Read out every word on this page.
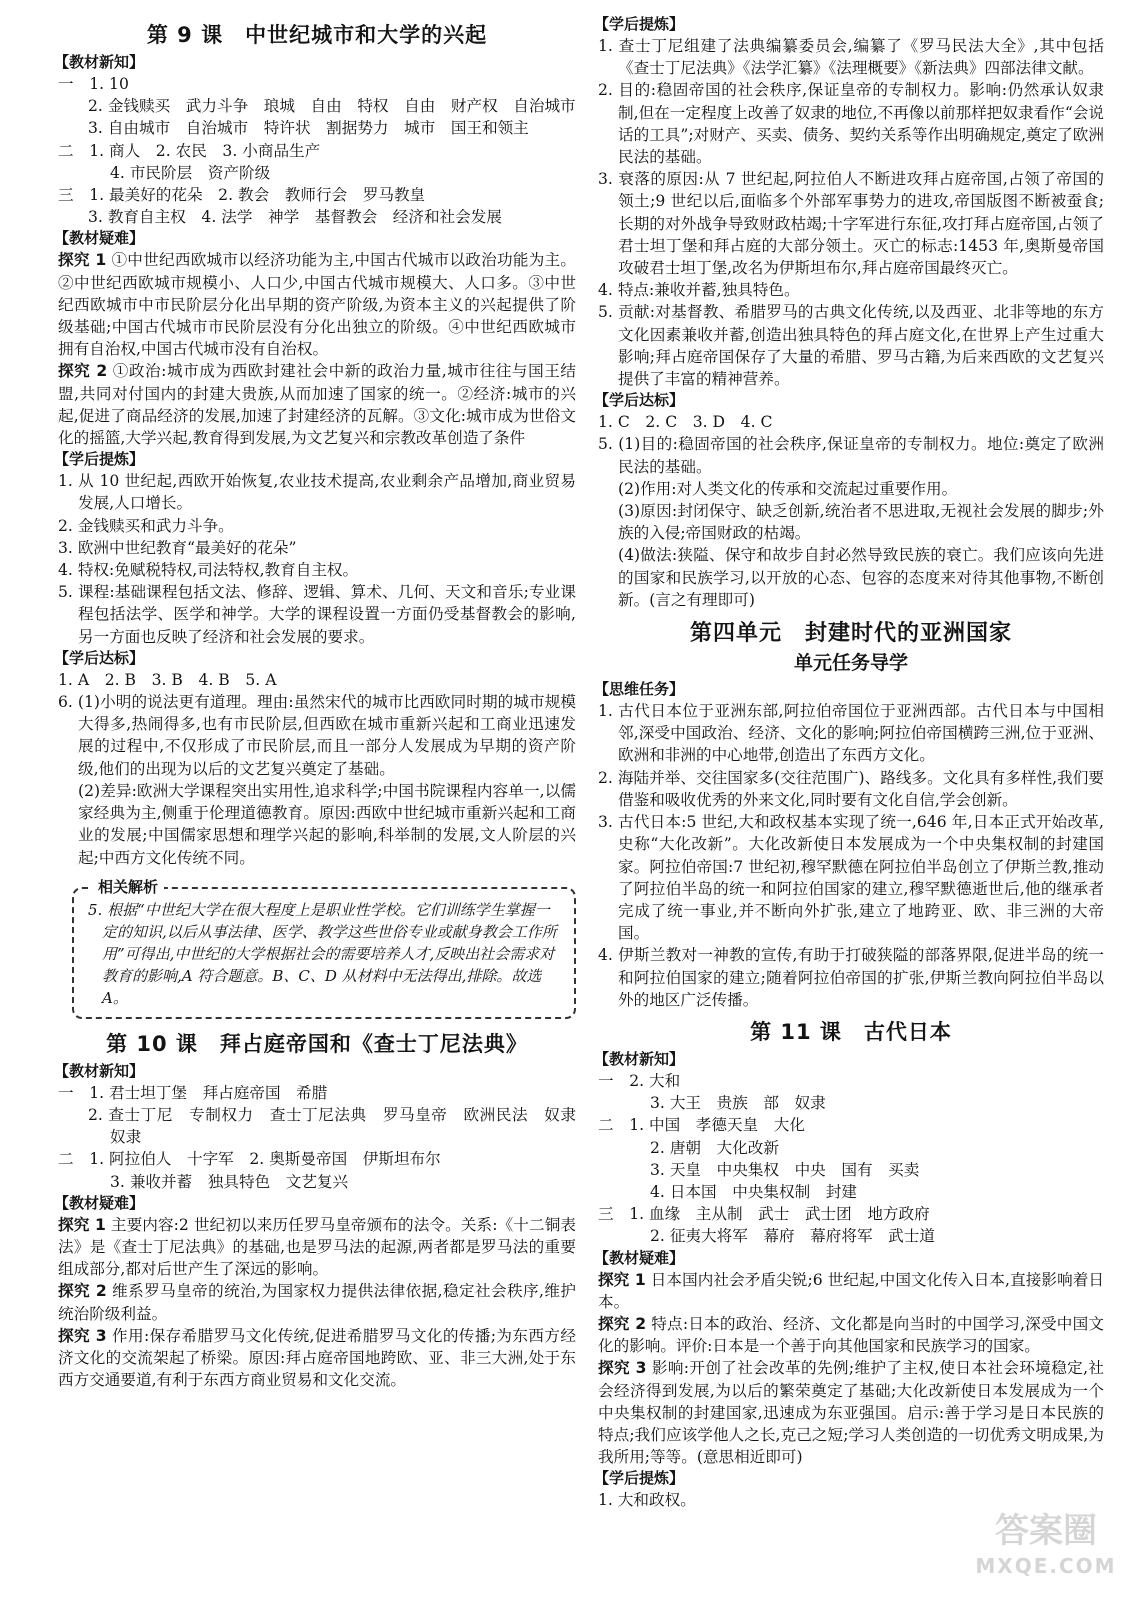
第 9 课　中世纪城市和大学的兴起
【教材新知】

一　1. 10

2. 金钱赎买　武力斗争　琅城　自由　特权　自由　财产权　自治城市

3. 自由城市　自治城市　特许状　割据势力　城市　国王和领主

二　1. 商人　2. 农民　3. 小商品生产

4. 市民阶层　资产阶级

三　1. 最美好的花朵　2. 教会　教师行会　罗马教皇

3. 教育自主权　4. 法学　神学　基督教会　经济和社会发展

【教材疑难】

探究 1 ①中世纪西欧城市以经济功能为主,中国古代城市以政治功能为主。②中世纪西欧城市规模小、人口少,中国古代城市规模大、人口多。③中世纪西欧城市中市民阶层分化出早期的资产阶级,为资本主义的兴起提供了阶级基础;中国古代城市市民阶层没有分化出独立的阶级。④中世纪西欧城市拥有自治权,中国古代城市没有自治权。

探究 2 ①政治:城市成为西欧封建社会中新的政治力量,城市往往与国王结盟,共同对付国内的封建大贵族,从而加速了国家的统一。②经济:城市的兴起,促进了商品经济的发展,加速了封建经济的瓦解。③文化:城市成为世俗文化的摇篮,大学兴起,教育得到发展,为文艺复兴和宗教改革创造了条件

【学后提炼】

1. 从 10 世纪起,西欧开始恢复,农业技术提高,农业剩余产品增加,商业贸易发展,人口增长。

2. 金钱赎买和武力斗争。

3. 欧洲中世纪教育“最美好的花朵”

4. 特权:免赋税特权,司法特权,教育自主权。

5. 课程:基础课程包括文法、修辞、逻辑、算术、几何、天文和音乐;专业课程包括法学、医学和神学。大学的课程设置一方面仍受基督教会的影响,另一方面也反映了经济和社会发展的要求。

【学后达标】

1. A　2. B　3. B　4. B　5. A

6. (1)小明的说法更有道理。理由:虽然宋代的城市比西欧同时期的城市规模大得多,热闹得多,也有市民阶层,但西欧在城市重新兴起和工商业迅速发展的过程中,不仅形成了市民阶层,而且一部分人发展成为早期的资产阶级,他们的出现为以后的文艺复兴奠定了基础。

(2)差异:欧洲大学课程突出实用性,追求科学;中国书院课程内容单一,以儒家经典为主,侧重于伦理道德教育。原因:西欧中世纪城市重新兴起和工商业的发展;中国儒家思想和理学兴起的影响,科举制的发展,文人阶层的兴起;中西方文化传统不同。

相关解析

5. 根据“中世纪大学在很大程度上是职业性学校。它们训练学生掌握一定的知识,以后从事法律、医学、教学这些世俗专业或献身教会工作所用”可得出,中世纪的大学根据社会的需要培养人才,反映出社会需求对教育的影响,A 符合题意。B、C、D 从材料中无法得出,排除。故选 A。

第 10 课　拜占庭帝国和《查士丁尼法典》
【教材新知】

一　1. 君士坦丁堡　拜占庭帝国　希腊

2. 查士丁尼　专制权力　查士丁尼法典　罗马皇帝　欧洲民法　奴隶　奴隶

二　1. 阿拉伯人　十字军　2. 奥斯曼帝国　伊斯坦布尔

3. 兼收并蓄　独具特色　文艺复兴

【教材疑难】

探究 1 主要内容:2 世纪初以来历任罗马皇帝颁布的法令。关系:《十二铜表法》是《查士丁尼法典》的基础,也是罗马法的起源,两者都是罗马法的重要组成部分,都对后世产生了深远的影响。

探究 2 维系罗马皇帝的统治,为国家权力提供法律依据,稳定社会秩序,维护统治阶级利益。

探究 3 作用:保存希腊罗马文化传统,促进希腊罗马文化的传播;为东西方经济文化的交流架起了桥梁。原因:拜占庭帝国地跨欧、亚、非三大洲,处于东西方交通要道,有利于东西方商业贸易和文化交流。

【学后提炼】

1. 查士丁尼组建了法典编纂委员会,编纂了《罗马民法大全》,其中包括《查士丁尼法典》《法学汇纂》《法理概要》《新法典》四部法律文献。

2. 目的:稳固帝国的社会秩序,保证皇帝的专制权力。影响:仍然承认奴隶制,但在一定程度上改善了奴隶的地位,不再像以前那样把奴隶看作“会说话的工具”;对财产、买卖、债务、契约关系等作出明确规定,奠定了欧洲民法的基础。

3. 衰落的原因:从 7 世纪起,阿拉伯人不断进攻拜占庭帝国,占领了帝国的领土;9 世纪以后,面临多个外部军事势力的进攻,帝国版图不断被蚕食;长期的对外战争导致财政枯竭;十字军进行东征,攻打拜占庭帝国,占领了君士坦丁堡和拜占庭的大部分领土。灭亡的标志:1453 年,奥斯曼帝国攻破君士坦丁堡,改名为伊斯坦布尔,拜占庭帝国最终灭亡。

4. 特点:兼收并蓄,独具特色。

5. 贡献:对基督教、希腊罗马的古典文化传统,以及西亚、北非等地的东方文化因素兼收并蓄,创造出独具特色的拜占庭文化,在世界上产生过重大影响;拜占庭帝国保存了大量的希腊、罗马古籍,为后来西欧的文艺复兴提供了丰富的精神营养。

【学后达标】

1. C　2. C　3. D　4. C

5. (1)目的:稳固帝国的社会秩序,保证皇帝的专制权力。地位:奠定了欧洲民法的基础。

(2)作用:对人类文化的传承和交流起过重要作用。

(3)原因:封闭保守、缺乏创新,统治者不思进取,无视社会发展的脚步;外族的入侵;帝国财政的枯竭。

(4)做法:狭隘、保守和故步自封必然导致民族的衰亡。我们应该向先进的国家和民族学习,以开放的心态、包容的态度来对待其他事物,不断创新。(言之有理即可)

第四单元　封建时代的亚洲国家
单元任务导学
【思维任务】

1. 古代日本位于亚洲东部,阿拉伯帝国位于亚洲西部。古代日本与中国相邻,深受中国政治、经济、文化的影响;阿拉伯帝国横跨三洲,位于亚洲、欧洲和非洲的中心地带,创造出了东西方文化。

2. 海陆并举、交往国家多(交往范围广)、路线多。文化具有多样性,我们要借鉴和吸收优秀的外来文化,同时要有文化自信,学会创新。

3. 古代日本:5 世纪,大和政权基本实现了统一,646 年,日本正式开始改革,史称“大化改新”。大化改新使日本发展成为一个中央集权制的封建国家。阿拉伯帝国:7 世纪初,穆罕默德在阿拉伯半岛创立了伊斯兰教,推动了阿拉伯半岛的统一和阿拉伯国家的建立,穆罕默德逝世后,他的继承者完成了统一事业,并不断向外扩张,建立了地跨亚、欧、非三洲的大帝国。

4. 伊斯兰教对一神教的宣传,有助于打破狭隘的部落界限,促进半岛的统一和阿拉伯国家的建立;随着阿拉伯帝国的扩张,伊斯兰教向阿拉伯半岛以外的地区广泛传播。

第 11 课　古代日本
【教材新知】

一　2. 大和

3. 大王　贵族　部　奴隶

二　1. 中国　孝德天皇　大化

2. 唐朝　大化改新

3. 天皇　中央集权　中央　国有　买卖

4. 日本国　中央集权制　封建

三　1. 血缘　主从制　武士　武士团　地方政府

2. 征夷大将军　幕府　幕府将军　武士道

【教材疑难】

探究 1 日本国内社会矛盾尖锐;6 世纪起,中国文化传入日本,直接影响着日本。

探究 2 特点:日本的政治、经济、文化都是向当时的中国学习,深受中国文化的影响。评价:日本是一个善于向其他国家和民族学习的国家。

探究 3 影响:开创了社会改革的先例;维护了主权,使日本社会环境稳定,社会经济得到发展,为以后的繁荣奠定了基础;大化改新使日本发展成为一个中央集权制的封建国家,迅速成为东亚强国。启示:善于学习是日本民族的特点;我们应该学他人之长,克己之短;学习人类创造的一切优秀文明成果,为我所用;等等。(意思相近即可)

【学后提炼】

1. 大和政权。

答案圈
MXQE.COM
